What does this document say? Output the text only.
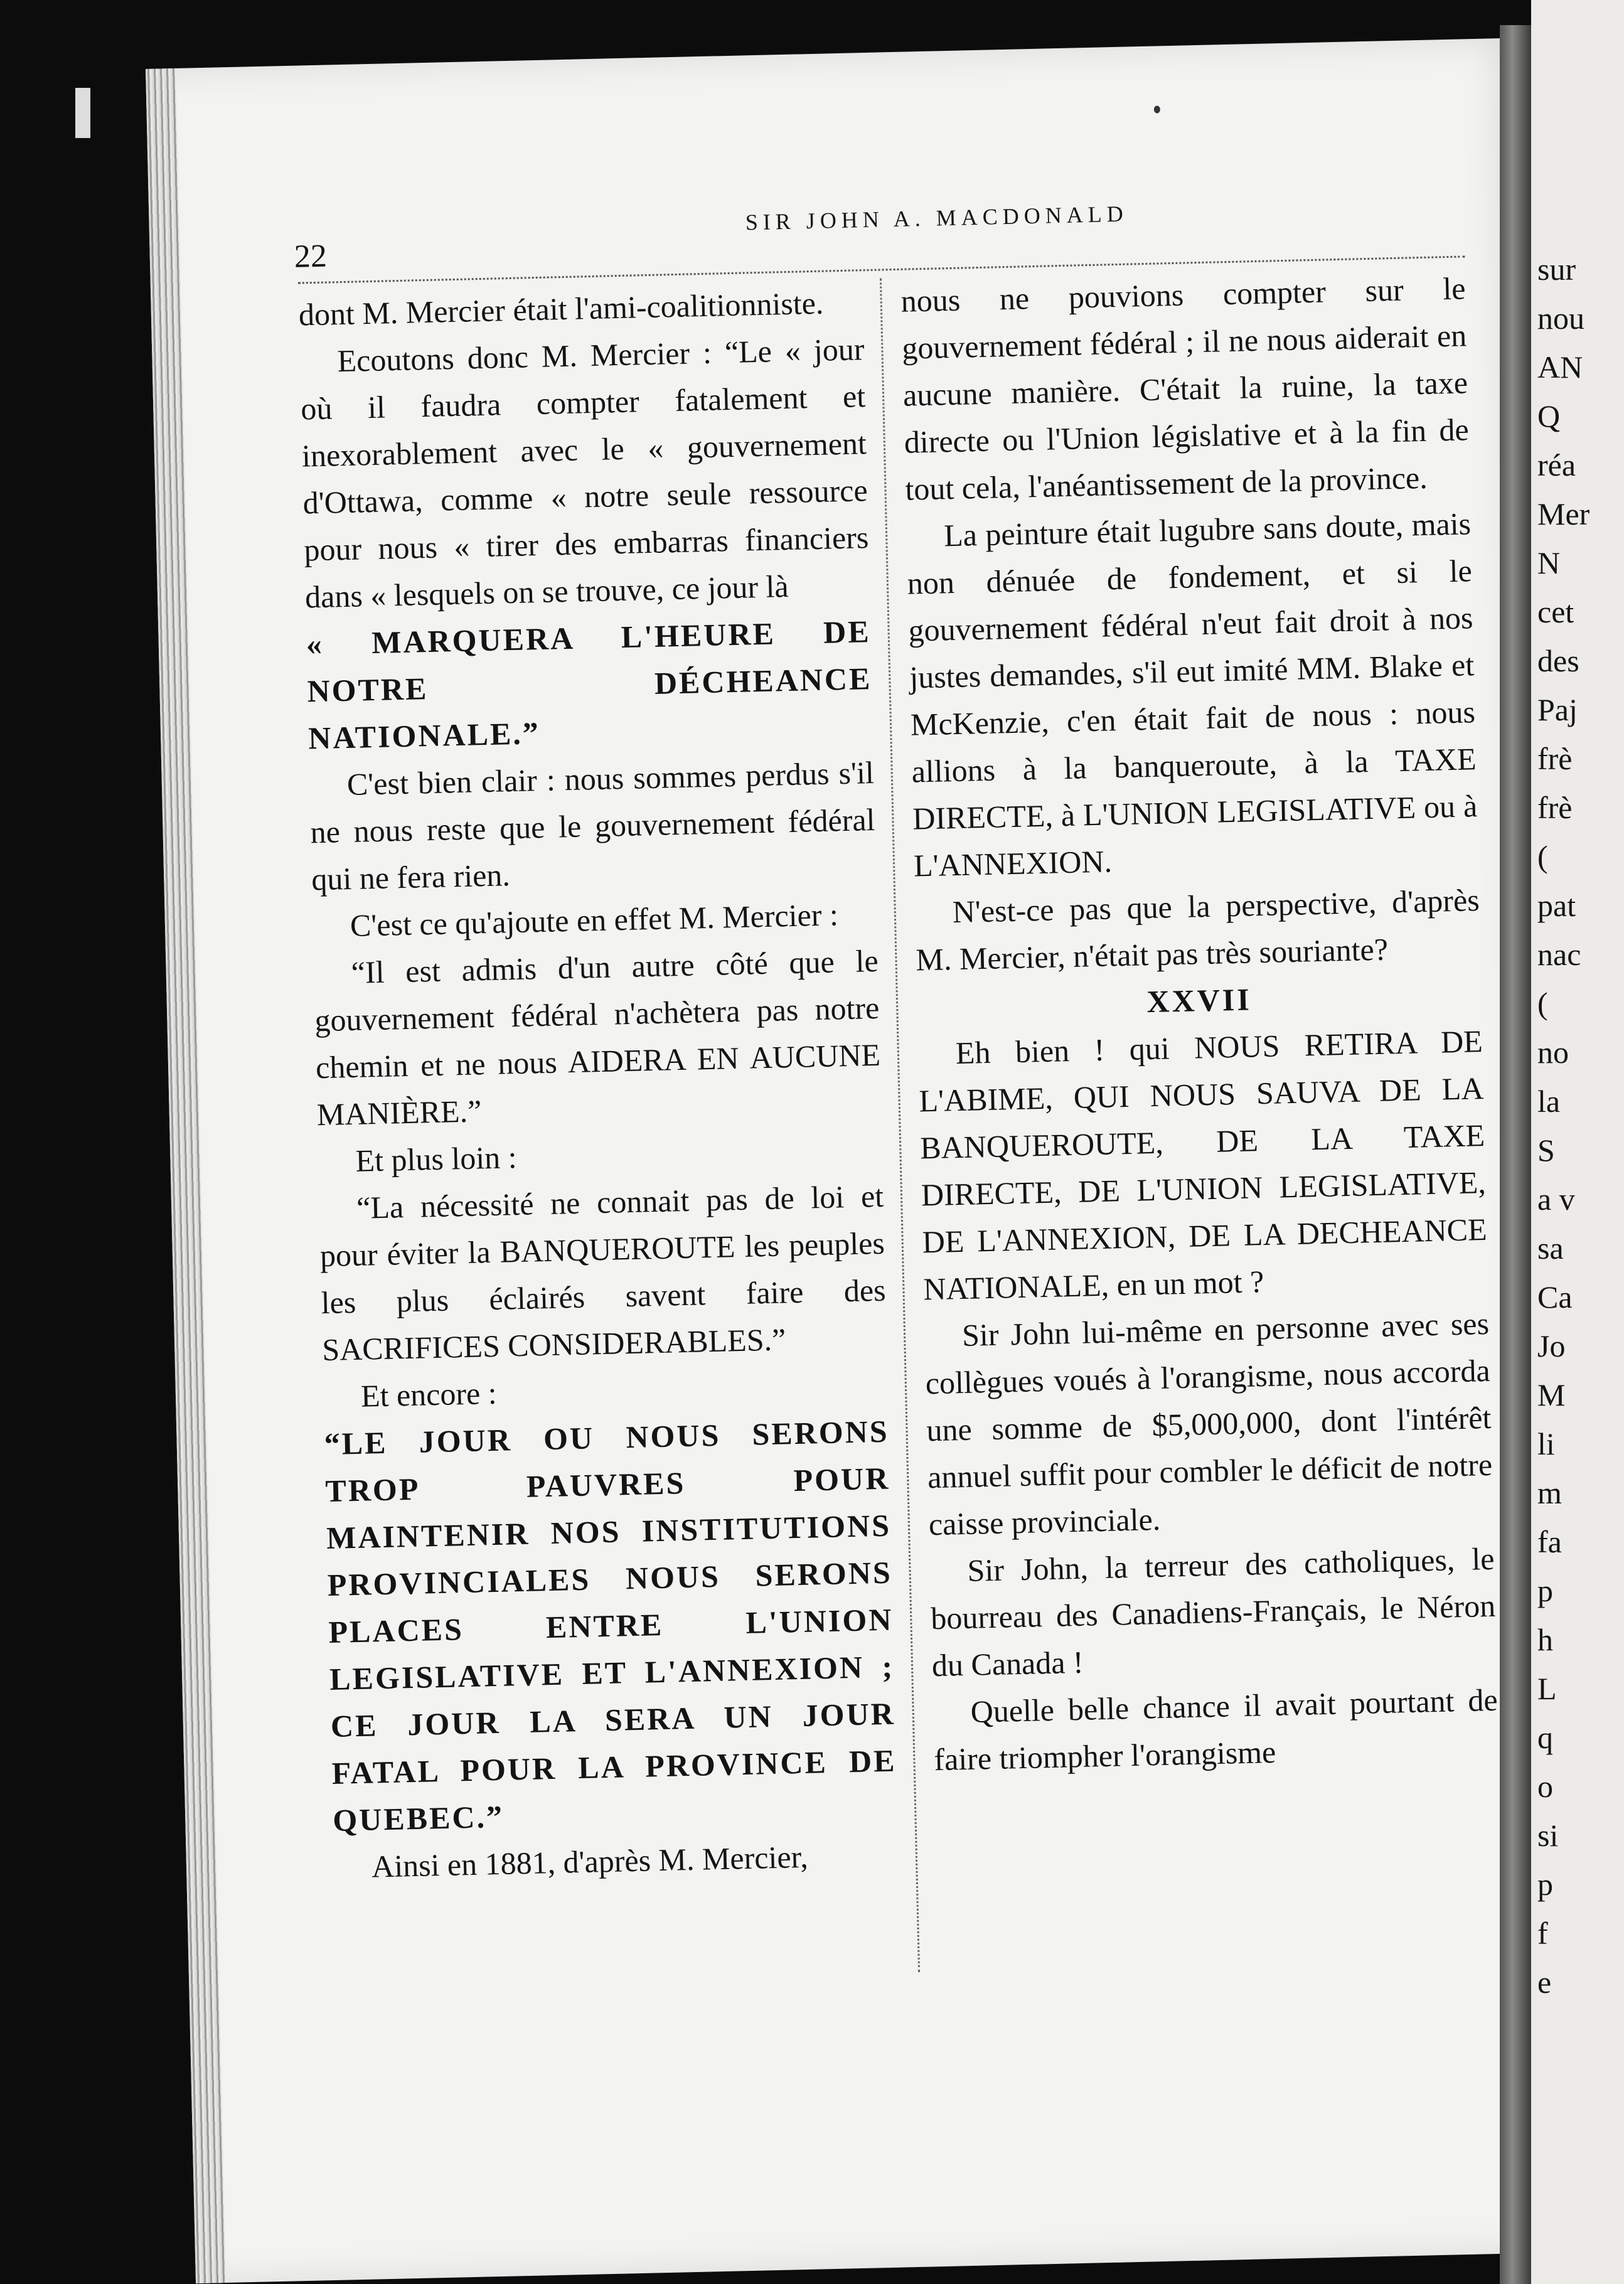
22
SIR JOHN A. MACDONALD

dont M. Mercier était l'ami-coalitionniste.

Ecoutons donc M. Mercier : “Le « jour où il faudra compter fatalement et inexorablement avec le « gouvernement d'Ottawa, comme « notre seule ressource pour nous « tirer des embarras financiers dans « lesquels on se trouve, ce jour là

« MARQUERA L'HEURE DE NOTRE DÉCHEANCE NATIONALE.”

C'est bien clair : nous sommes perdus s'il ne nous reste que le gouvernement fédéral qui ne fera rien.

C'est ce qu'ajoute en effet M. Mercier :

“Il est admis d'un autre côté que le gouvernement fédéral n'achètera pas notre chemin et ne nous AIDERA EN AUCUNE MANIÈRE.”

Et plus loin :

“La nécessité ne connait pas de loi et pour éviter la BANQUEROUTE les peuples les plus éclairés savent faire des SACRIFICES CONSIDERABLES.”

Et encore :

“LE JOUR OU NOUS SERONS TROP PAUVRES POUR MAINTENIR NOS INSTITUTIONS PROVINCIALES NOUS SERONS PLACES ENTRE L'UNION LEGISLATIVE ET L'ANNEXION ; CE JOUR LA SERA UN JOUR FATAL POUR LA PROVINCE DE QUEBEC.”

Ainsi en 1881, d'après M. Mercier,

nous ne pouvions compter sur le gouvernement fédéral ; il ne nous aiderait en aucune manière. C'était la ruine, la taxe directe ou l'Union législative et à la fin de tout cela, l'anéantissement de la province.

La peinture était lugubre sans doute, mais non dénuée de fondement, et si le gouvernement fédéral n'eut fait droit à nos justes demandes, s'il eut imité MM. Blake et McKenzie, c'en était fait de nous : nous allions à la banqueroute, à la TAXE DIRECTE, à L'UNION LEGISLATIVE ou à L'ANNEXION.

N'est-ce pas que la perspective, d'après M. Mercier, n'était pas très souriante?

XXVII

Eh bien ! qui NOUS RETIRA DE L'ABIME, QUI NOUS SAUVA DE LA BANQUEROUTE, DE LA TAXE DIRECTE, DE L'UNION LEGISLATIVE, DE L'ANNEXION, DE LA DECHEANCE NATIONALE, en un mot ?

Sir John lui-même en personne avec ses collègues voués à l'orangisme, nous accorda une somme de $5,000,000, dont l'intérêt annuel suffit pour combler le déficit de notre caisse provinciale.

Sir John, la terreur des catholiques, le bourreau des Canadiens-Français, le Néron du Canada !

Quelle belle chance il avait pourtant de faire triompher l'orangisme

sur
nou
AN
Q
réa
Mer
N
cet
des
Paj
frè
frè
(
pat
nac
(
no
la
S
a v
sa
Ca
Jo
M
li
m
fa
p
h
L
q
o
si
p
f
e
